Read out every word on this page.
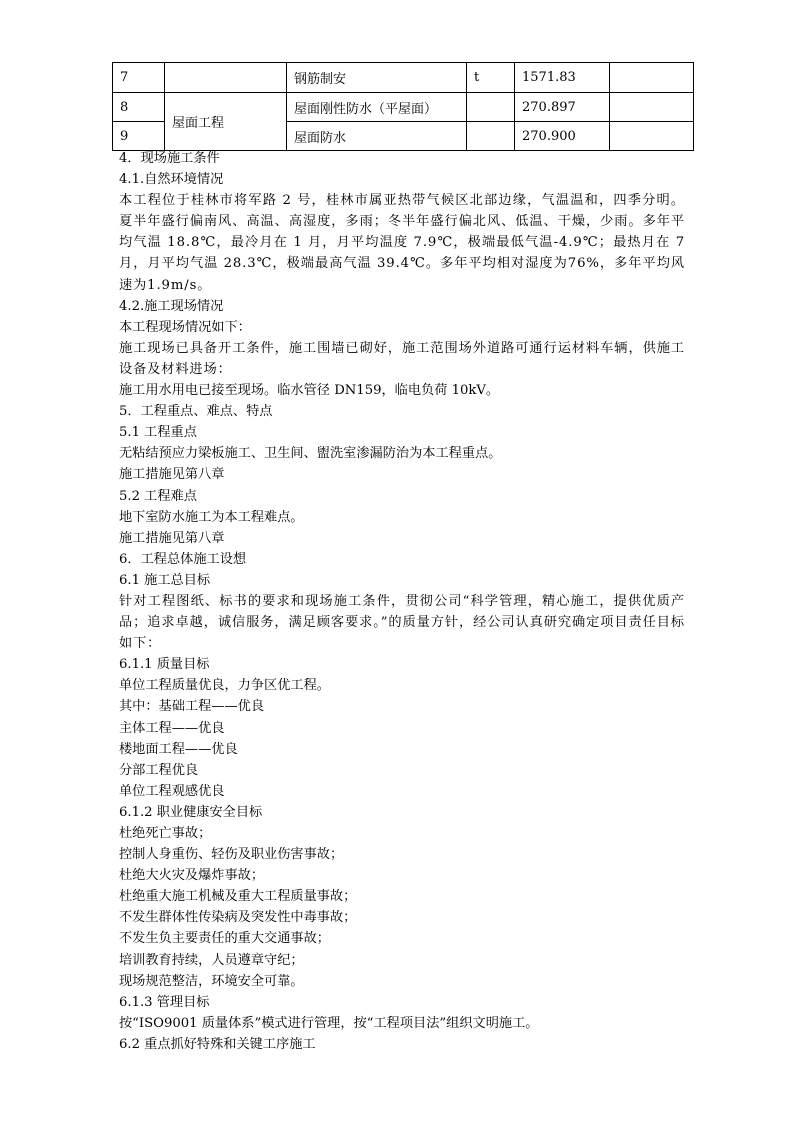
7		钢筋制安	t	1571.83	
8	屋面工程	屋面刚性防水（平屋面）		270.897	
9		屋面防水		270.900	

4．现场施工条件

4.1.自然环境情况

本工程位于桂林市将军路 2 号，桂林市属亚热带气候区北部边缘，气温温和，四季分明。夏半年盛行偏南风、高温、高湿度，多雨；冬半年盛行偏北风、低温、干燥，少雨。多年平均气温 18.8℃，最冷月在 1 月，月平均温度 7.9℃，极端最低气温-4.9℃；最热月在 7 月，月平均气温 28.3℃，极端最高气温 39.4℃。多年平均相对湿度为76%，多年平均风速为1.9m/s。

4.2.施工现场情况

本工程现场情况如下：

施工现场已具备开工条件，施工围墙已砌好，施工范围场外道路可通行运材料车辆，供施工设备及材料进场：

施工用水用电已接至现场。临水管径 DN159，临电负荷 10kV。

5．工程重点、难点、特点

5.1 工程重点

无粘结预应力梁板施工、卫生间、盥洗室渗漏防治为本工程重点。

施工措施见第八章

5.2 工程难点

地下室防水施工为本工程难点。

施工措施见第八章

6．工程总体施工设想

6.1 施工总目标

针对工程图纸、标书的要求和现场施工条件，贯彻公司“科学管理，精心施工，提供优质产品；追求卓越，诚信服务，满足顾客要求。”的质量方针，经公司认真研究确定项目责任目标如下：

6.1.1 质量目标

单位工程质量优良，力争区优工程。

其中：基础工程——优良

主体工程——优良

楼地面工程——优良

分部工程优良

单位工程观感优良

6.1.2 职业健康安全目标

杜绝死亡事故；

控制人身重伤、轻伤及职业伤害事故；

杜绝大火灾及爆炸事故；

杜绝重大施工机械及重大工程质量事故；

不发生群体性传染病及突发性中毒事故；

不发生负主要责任的重大交通事故；

培训教育持续，人员遵章守纪；

现场规范整洁，环境安全可靠。

6.1.3 管理目标

按“ISO9001 质量体系”模式进行管理，按“工程项目法”组织文明施工。

6.2 重点抓好特殊和关键工序施工
